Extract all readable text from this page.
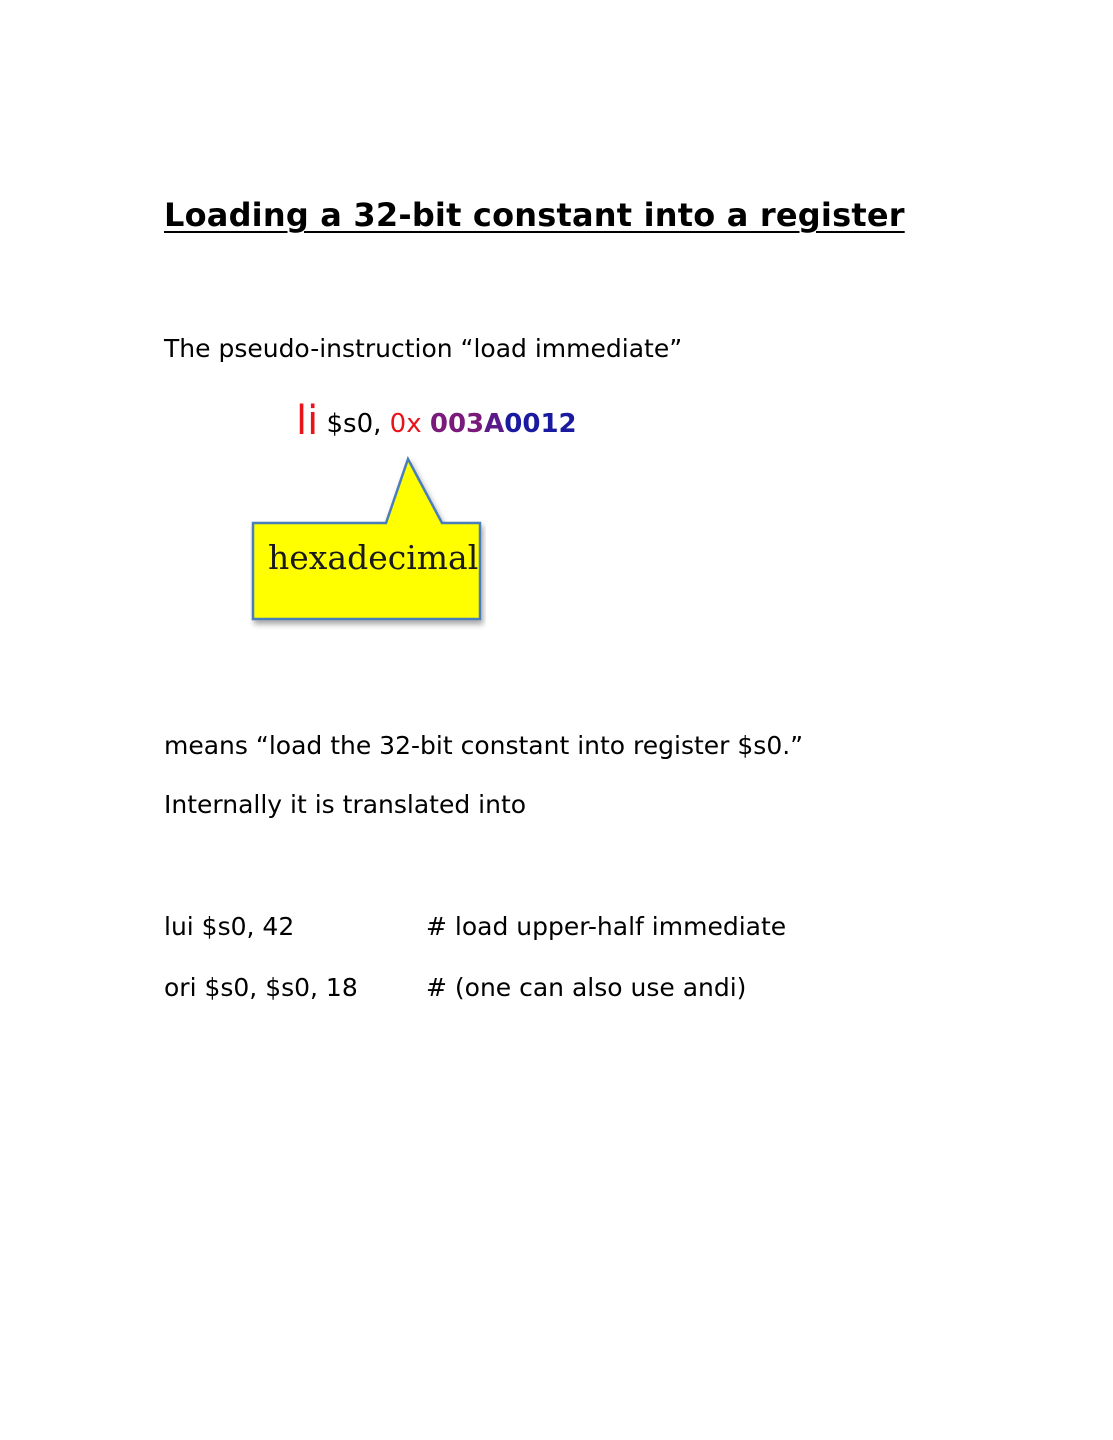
Loading a 32-bit constant into a register
The pseudo-instruction “load immediate”
li $s0, 0x 003A0012
hexadecimal
means “load the 32-bit constant into register $s0.”
Internally it is translated into
lui $s0, 42	# load upper-half immediate
ori $s0, $s0, 18	# (one can also use andi)
